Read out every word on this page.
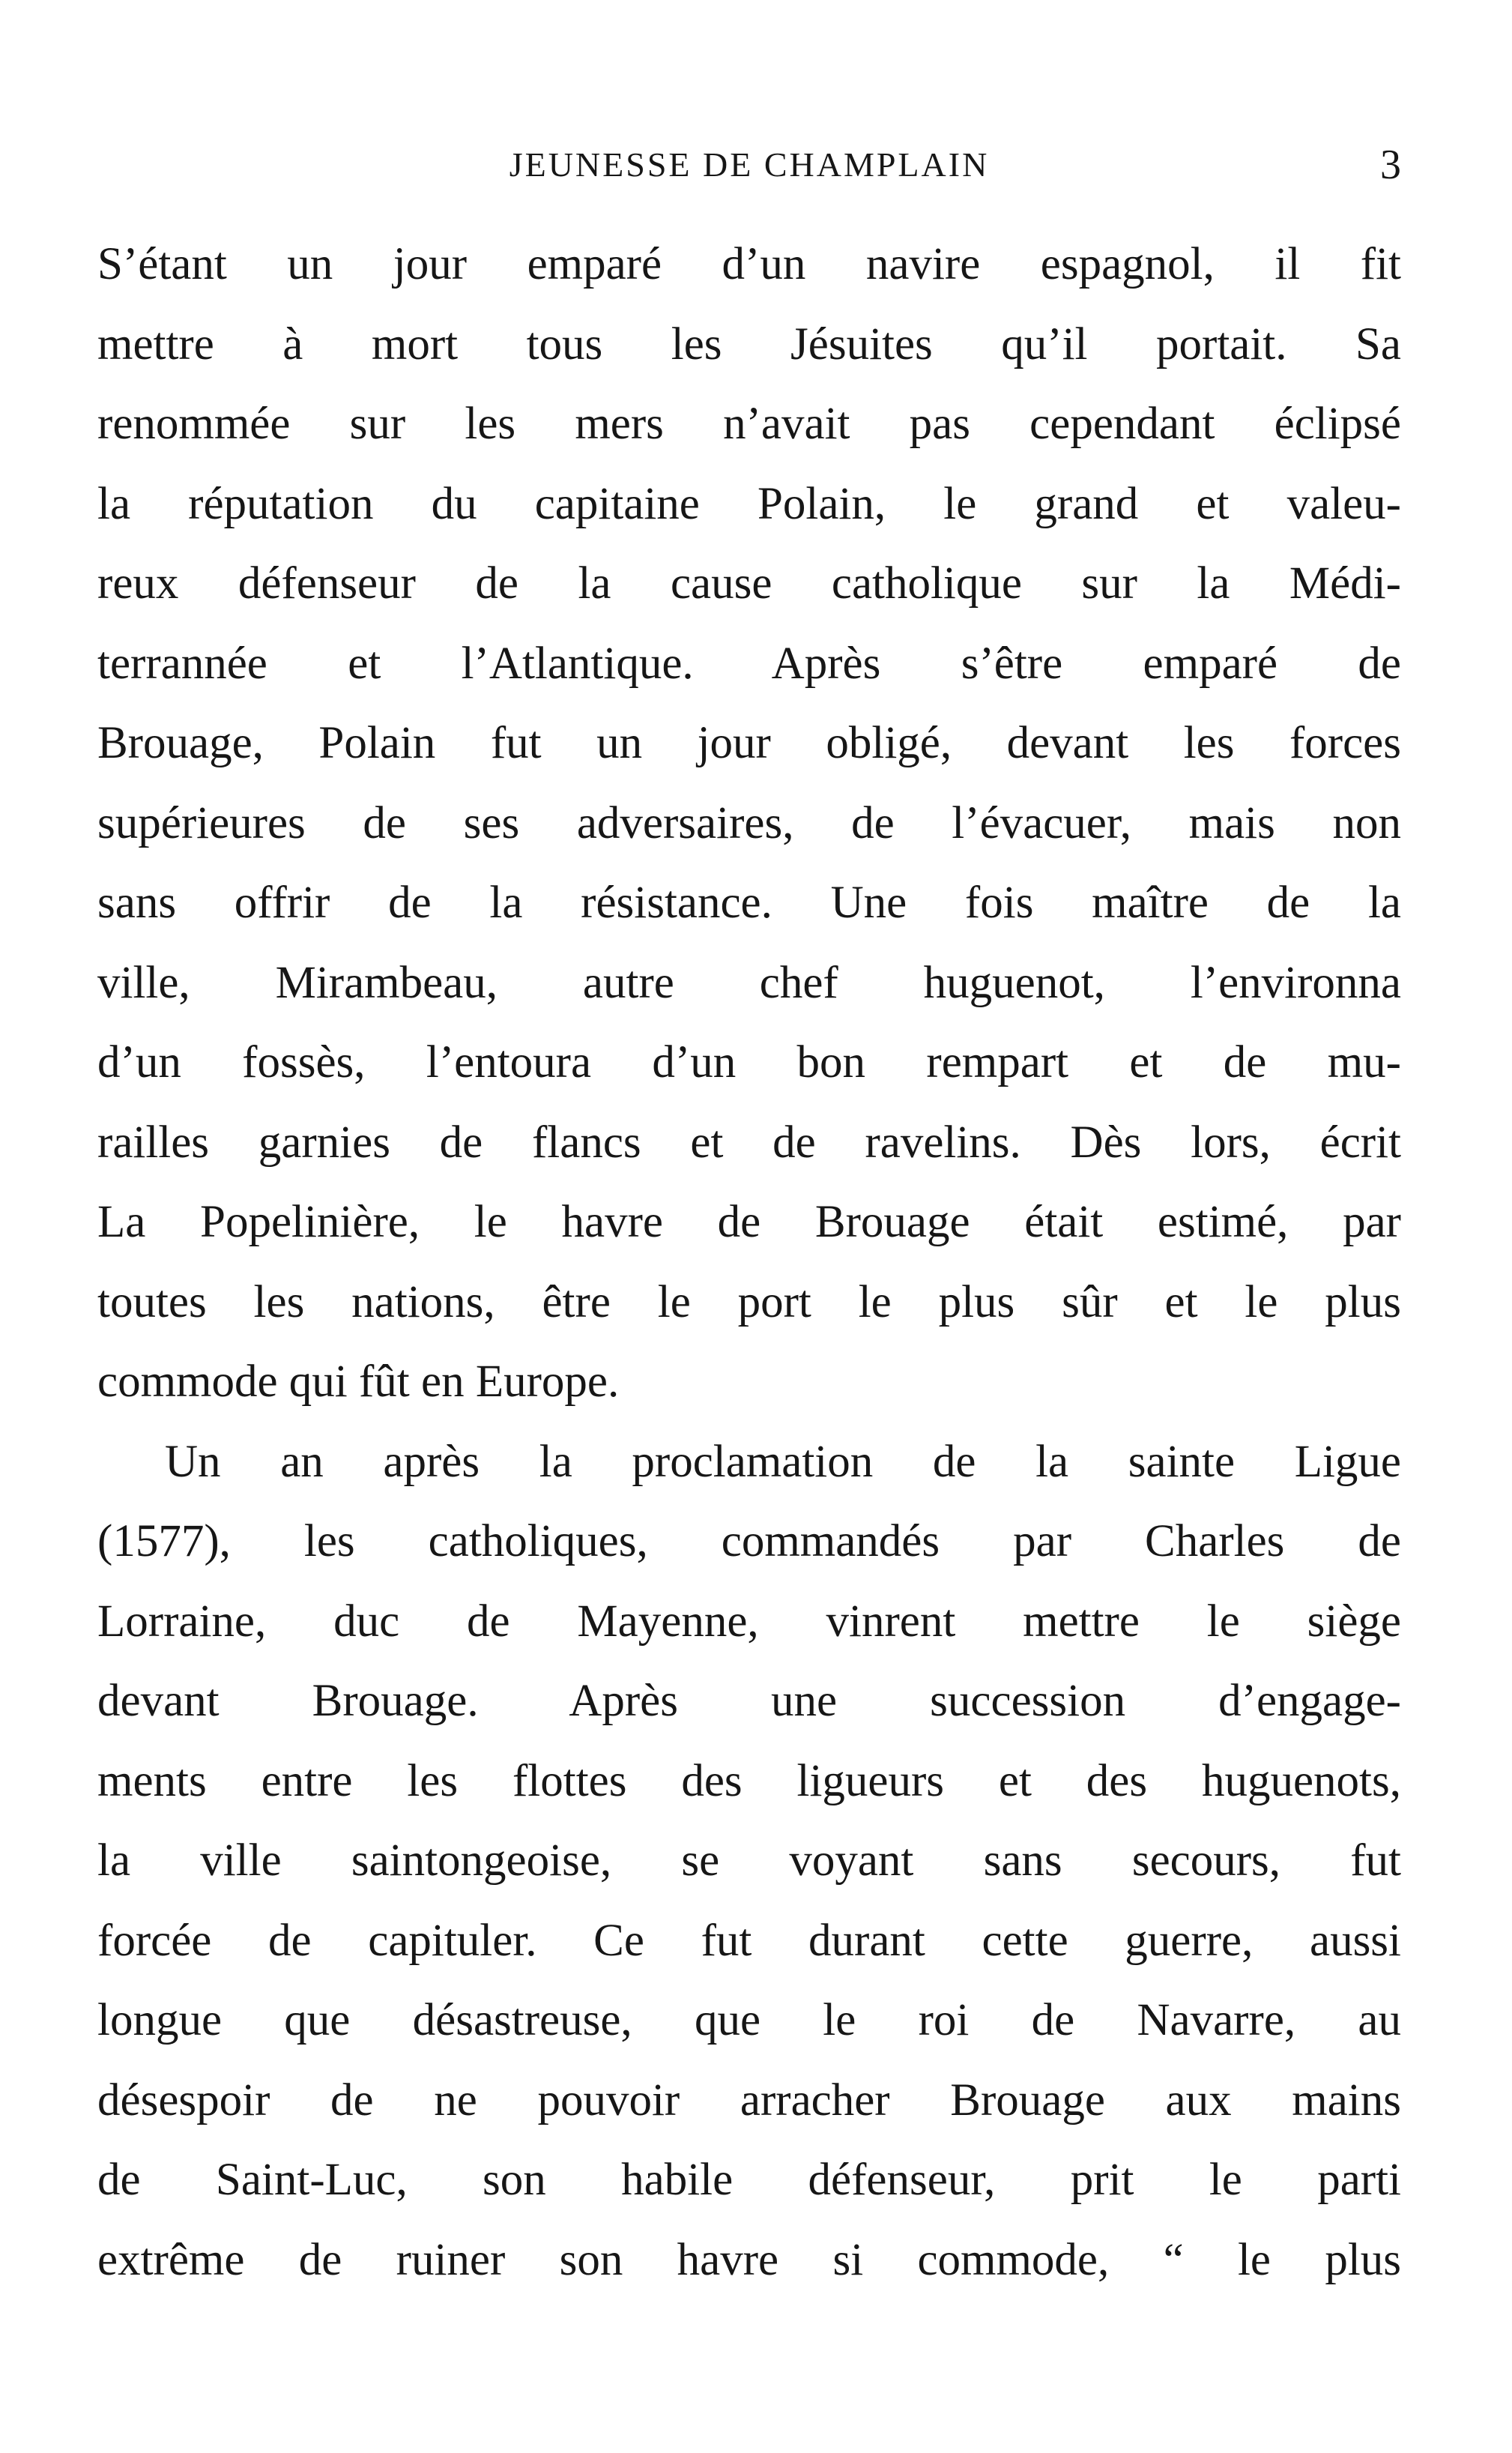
JEUNESSE DE CHAMPLAIN	3
S’étant un jour emparé d’un navire espagnol, il fit
mettre à mort tous les Jésuites qu’il portait. Sa
renommée sur les mers n’avait pas cependant éclipsé
la réputation du capitaine Polain, le grand et valeu-
reux défenseur de la cause catholique sur la Médi-
terrannée et l’Atlantique. Après s’être emparé de
Brouage, Polain fut un jour obligé, devant les forces
supérieures de ses adversaires, de l’évacuer, mais non
sans offrir de la résistance. Une fois maître de la
ville, Mirambeau, autre chef huguenot, l’environna
d’un fossès, l’entoura d’un bon rempart et de mu-
railles garnies de flancs et de ravelins. Dès lors, écrit
La Popelinière, le havre de Brouage était estimé, par
toutes les nations, être le port le plus sûr et le plus
commode qui fût en Europe.
Un an après la proclamation de la sainte Ligue
(1577), les catholiques, commandés par Charles de
Lorraine, duc de Mayenne, vinrent mettre le siège
devant Brouage. Après une succession d’engage-
ments entre les flottes des ligueurs et des huguenots,
la ville saintongeoise, se voyant sans secours, fut
forcée de capituler. Ce fut durant cette guerre, aussi
longue que désastreuse, que le roi de Navarre, au
désespoir de ne pouvoir arracher Brouage aux mains
de Saint-Luc, son habile défenseur, prit le parti
extrême de ruiner son havre si commode, “ le plus
